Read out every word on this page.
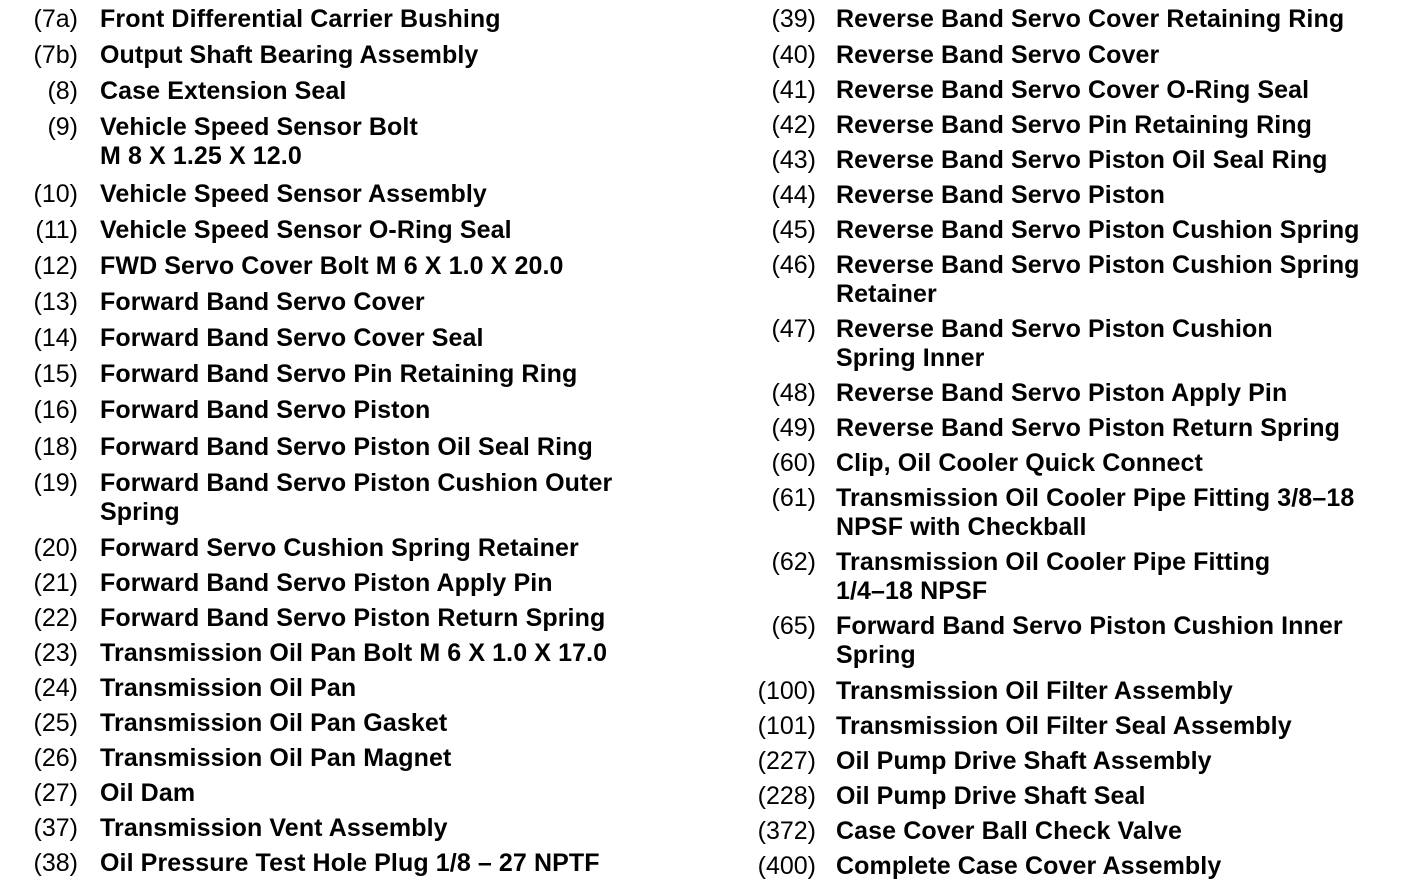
(7a) Front Differential Carrier Bushing
(7b) Output Shaft Bearing Assembly
(8) Case Extension Seal
(9) Vehicle Speed Sensor Bolt
M 8 X 1.25 X 12.0
(10) Vehicle Speed Sensor Assembly
(11) Vehicle Speed Sensor O-Ring Seal
(12) FWD Servo Cover Bolt M 6 X 1.0 X 20.0
(13) Forward Band Servo Cover
(14) Forward Band Servo Cover Seal
(15) Forward Band Servo Pin Retaining Ring
(16) Forward Band Servo Piston
(18) Forward Band Servo Piston Oil Seal Ring
(19) Forward Band Servo Piston Cushion Outer
Spring
(20) Forward Servo Cushion Spring Retainer
(21) Forward Band Servo Piston Apply Pin
(22) Forward Band Servo Piston Return Spring
(23) Transmission Oil Pan Bolt M 6 X 1.0 X 17.0
(24) Transmission Oil Pan
(25) Transmission Oil Pan Gasket
(26) Transmission Oil Pan Magnet
(27) Oil Dam
(37) Transmission Vent Assembly
(38) Oil Pressure Test Hole Plug 1/8 – 27 NPTF
(39) Reverse Band Servo Cover Retaining Ring
(40) Reverse Band Servo Cover
(41) Reverse Band Servo Cover O-Ring Seal
(42) Reverse Band Servo Pin Retaining Ring
(43) Reverse Band Servo Piston Oil Seal Ring
(44) Reverse Band Servo Piston
(45) Reverse Band Servo Piston Cushion Spring
(46) Reverse Band Servo Piston Cushion Spring
Retainer
(47) Reverse Band Servo Piston Cushion
Spring Inner
(48) Reverse Band Servo Piston Apply Pin
(49) Reverse Band Servo Piston Return Spring
(60) Clip, Oil Cooler Quick Connect
(61) Transmission Oil Cooler Pipe Fitting 3/8–18
NPSF with Checkball
(62) Transmission Oil Cooler Pipe Fitting
1/4–18 NPSF
(65) Forward Band Servo Piston Cushion Inner
Spring
(100) Transmission Oil Filter Assembly
(101) Transmission Oil Filter Seal Assembly
(227) Oil Pump Drive Shaft Assembly
(228) Oil Pump Drive Shaft Seal
(372) Case Cover Ball Check Valve
(400) Complete Case Cover Assembly
